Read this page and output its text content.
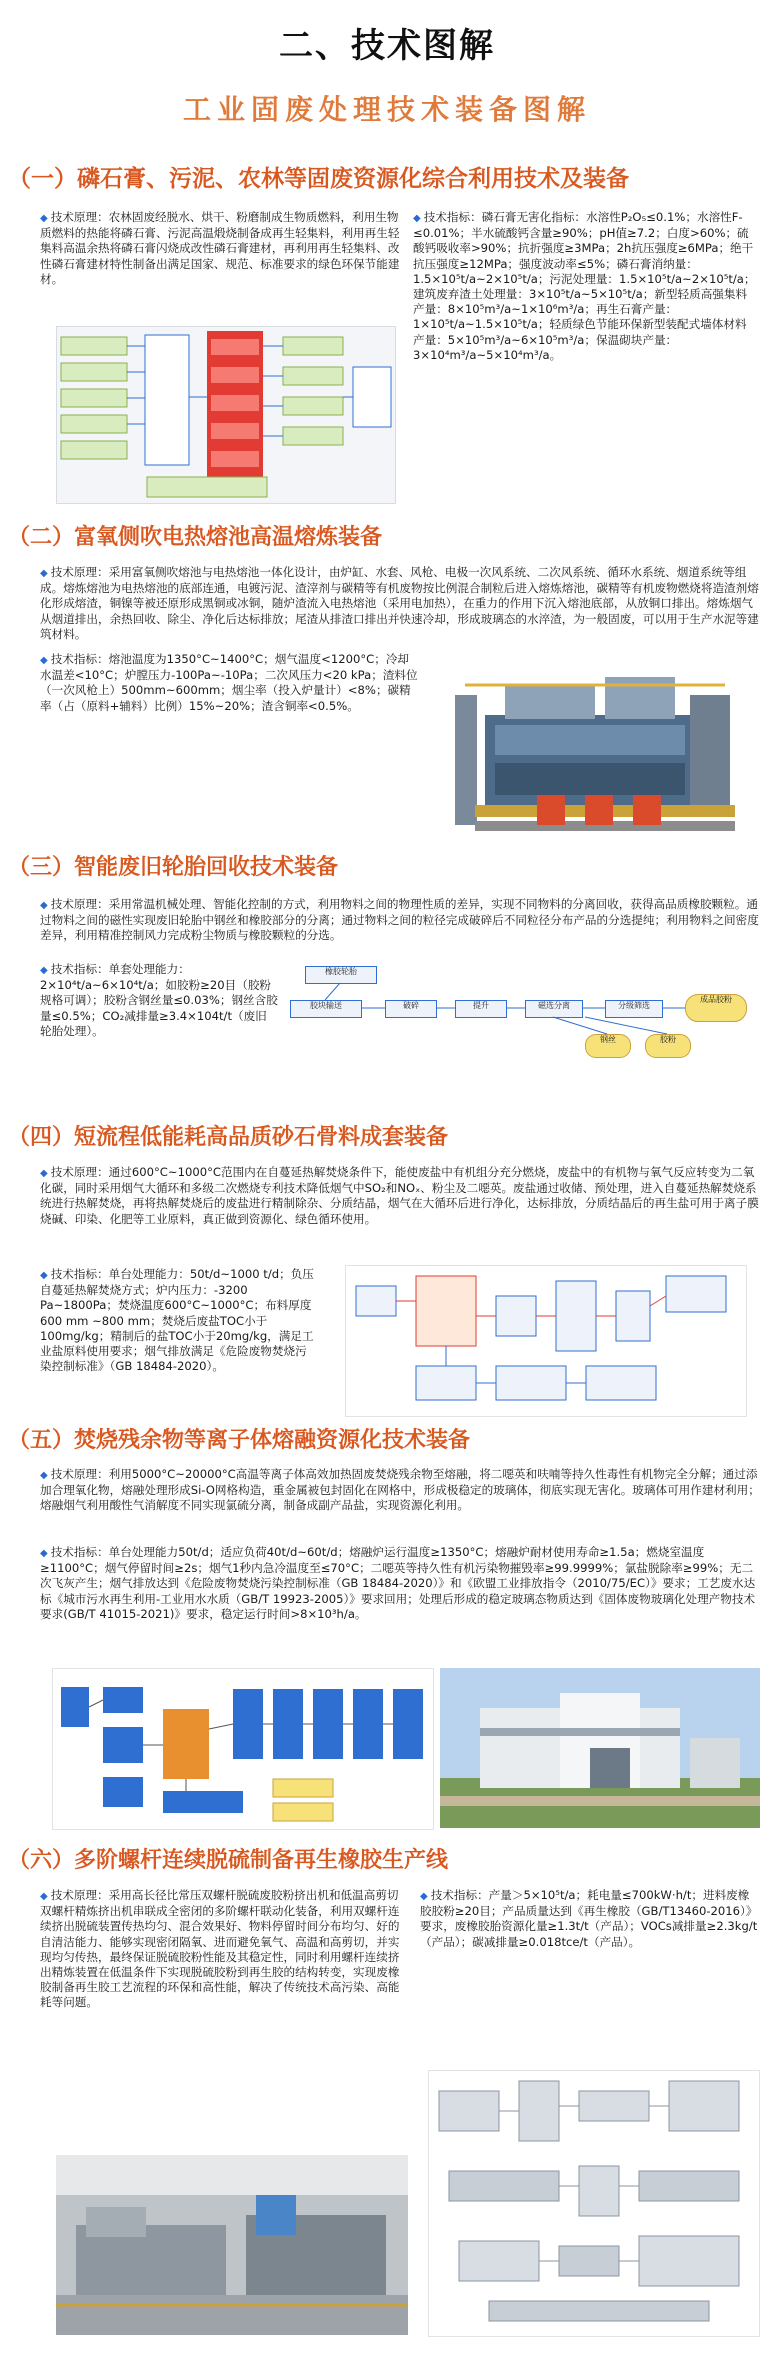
二、技术图解
工业固废处理技术装备图解
（一）磷石膏、污泥、农林等固废资源化综合利用技术及装备
◆ 技术原理：农林固废经脱水、烘干、粉磨制成生物质燃料，利用生物质燃料的热能将磷石膏、污泥高温煅烧制备成再生轻集料，利用再生轻集料高温余热将磷石膏闪烧成改性磷石膏建材，再利用再生轻集料、改性磷石膏建材特性制备出满足国家、规范、标准要求的绿色环保节能建材。
◆ 技术指标：磷石膏无害化指标：水溶性P₂O₅≤0.1%；水溶性F-≤0.01%；半水硫酸钙含量≥90%；pH值≥7.2；白度>60%；硫酸钙吸收率>90%；抗折强度≥3MPa；2h抗压强度≥6MPa；绝干抗压强度≥12MPa；强度波动率≤5%；磷石膏消纳量：1.5×10⁵t/a~2×10⁵t/a；污泥处理量：1.5×10⁵t/a~2×10⁵t/a；建筑废弃渣土处理量：3×10⁵t/a~5×10⁵t/a；新型轻质高强集料产量：8×10⁵m³/a~1×10⁶m³/a；再生石膏产量：1×10⁵t/a~1.5×10⁵t/a；轻质绿色节能环保新型装配式墙体材料产量：5×10⁵m³/a~6×10⁵m³/a；保温砌块产量：3×10⁴m³/a~5×10⁴m³/a。
（二）富氧侧吹电热熔池高温熔炼装备
◆ 技术原理：采用富氧侧吹熔池与电热熔池一体化设计，由炉缸、水套、风枪、电极一次风系统、二次风系统、循环水系统、烟道系统等组成。熔炼熔池为电热熔池的底部连通，电镀污泥、渣滓剂与碳精等有机废物按比例混合制粒后进入熔炼熔池，碳精等有机废物燃烧将造渣剂熔化形成熔渣，铜镍等被还原形成黑铜或冰铜，随炉渣流入电热熔池（采用电加热），在重力的作用下沉入熔池底部，从放铜口排出。熔炼烟气从烟道排出，余热回收、除尘、净化后达标排放；尾渣从排渣口排出并快速冷却，形成玻璃态的水淬渣，为一般固废，可以用于生产水泥等建筑材料。
◆ 技术指标：熔池温度为1350°C~1400°C；烟气温度<1200°C；冷却水温差<10°C；炉膛压力-100Pa~-10Pa；二次风压力<20 kPa；渣料位（一次风枪上）500mm~600mm；烟尘率（投入炉量计）<8%；碳精率（占（原料+辅料）比例）15%~20%；渣含铜率<0.5%。
（三）智能废旧轮胎回收技术装备
◆ 技术原理：采用常温机械处理、智能化控制的方式，利用物料之间的物理性质的差异，实现不同物料的分离回收，获得高品质橡胶颗粒。通过物料之间的磁性实现废旧轮胎中钢丝和橡胶部分的分离；通过物料之间的粒径完成破碎后不同粒径分布产品的分选提纯；利用物料之间密度差异，利用精准控制风力完成粉尘物质与橡胶颗粒的分选。
◆ 技术指标：单套处理能力：2×10⁴t/a~6×10⁴t/a；如胶粉≥20目（胶粉规格可调）；胶粉含钢丝量≤0.03%；钢丝含胶量≤0.5%；CO₂减排量≥3.4×104t/t（废旧轮胎处理）。
橡胶轮胎
胶块输送	破碎	提升	磁选分离
钢丝	胶粉
分级筛选
成品胶粉
（四）短流程低能耗高品质砂石骨料成套装备
◆ 技术原理：通过600°C~1000°C范围内在自蔓延热解焚烧条件下，能使废盐中有机组分充分燃烧，废盐中的有机物与氧气反应转变为二氧化碳，同时采用烟气大循环和多级二次燃烧专利技术降低烟气中SO₂和NOₓ、粉尘及二噁英。废盐通过收储、预处理，进入自蔓延热解焚烧系统进行热解焚烧，再将热解焚烧后的废盐进行精制除杂、分质结晶，烟气在大循环后进行净化，达标排放，分质结晶后的再生盐可用于离子膜烧碱、印染、化肥等工业原料，真正做到资源化、绿色循环使用。
◆ 技术指标：单台处理能力：50t/d~1000 t/d；负压自蔓延热解焚烧方式；炉内压力：-3200 Pa~1800Pa；焚烧温度600°C~1000°C；布料厚度600 mm ~800 mm；焚烧后废盐TOC小于100mg/kg；精制后的盐TOC小于20mg/kg，满足工业盐原料使用要求；烟气排放满足《危险废物焚烧污染控制标准》（GB 18484-2020）。
（五）焚烧残余物等离子体熔融资源化技术装备
◆ 技术原理：利用5000°C~20000°C高温等离子体高效加热固废焚烧残余物至熔融，将二噁英和呋喃等持久性毒性有机物完全分解；通过添加合理氧化物，熔融处理形成Si-O网格构造，重金属被包封固化在网格中，形成极稳定的玻璃体，彻底实现无害化。玻璃体可用作建材利用；熔融烟气利用酸性气消解度不同实现氯硫分离，制备成副产品盐，实现资源化利用。
◆ 技术指标：单台处理能力50t/d；适应负荷40t/d~60t/d；熔融炉运行温度≥1350°C；熔融炉耐材使用寿命≥1.5a；燃烧室温度≥1100°C；烟气停留时间≥2s；烟气1秒内急冷温度至≤70°C；二噁英等持久性有机污染物摧毁率≥99.9999%；氯盐脱除率≥99%；无二次飞灰产生；烟气排放达到《危险废物焚烧污染控制标准（GB 18484-2020）》和《欧盟工业排放指令（2010/75/EC）》要求；工艺废水达标《城市污水再生利用-工业用水水质（GB/T 19923-2005）》要求回用；处理后形成的稳定玻璃态物质达到《固体废物玻璃化处理产物技术要求(GB/T 41015-2021)》要求，稳定运行时间>8×10³h/a。
（六）多阶螺杆连续脱硫制备再生橡胶生产线
◆ 技术原理：采用高长径比常压双螺杆脱硫废胶粉挤出机和低温高剪切双螺杆精炼挤出机串联成全密闭的多阶螺杆联动化装备，利用双螺杆连续挤出脱硫装置传热均匀、混合效果好、物料停留时间分布均匀、好的自清洁能力、能够实现密闭隔氧、进而避免氧气、高温和高剪切，并实现均匀传热，最终保证脱硫胶粉性能及其稳定性，同时利用螺杆连续挤出精炼装置在低温条件下实现脱硫胶粉到再生胶的结构转变，实现废橡胶制备再生胶工艺流程的环保和高性能，解决了传统技术高污染、高能耗等问题。
◆ 技术指标：产量＞5×10⁵t/a；耗电量≤700kW·h/t；进料废橡胶胶粉≥20目；产品质量达到《再生橡胶（GB/T13460-2016）》要求，废橡胶胎资源化量≥1.3t/t（产品）；VOCs减排量≥2.3kg/t（产品）；碳减排量≥0.018tce/t（产品）。
